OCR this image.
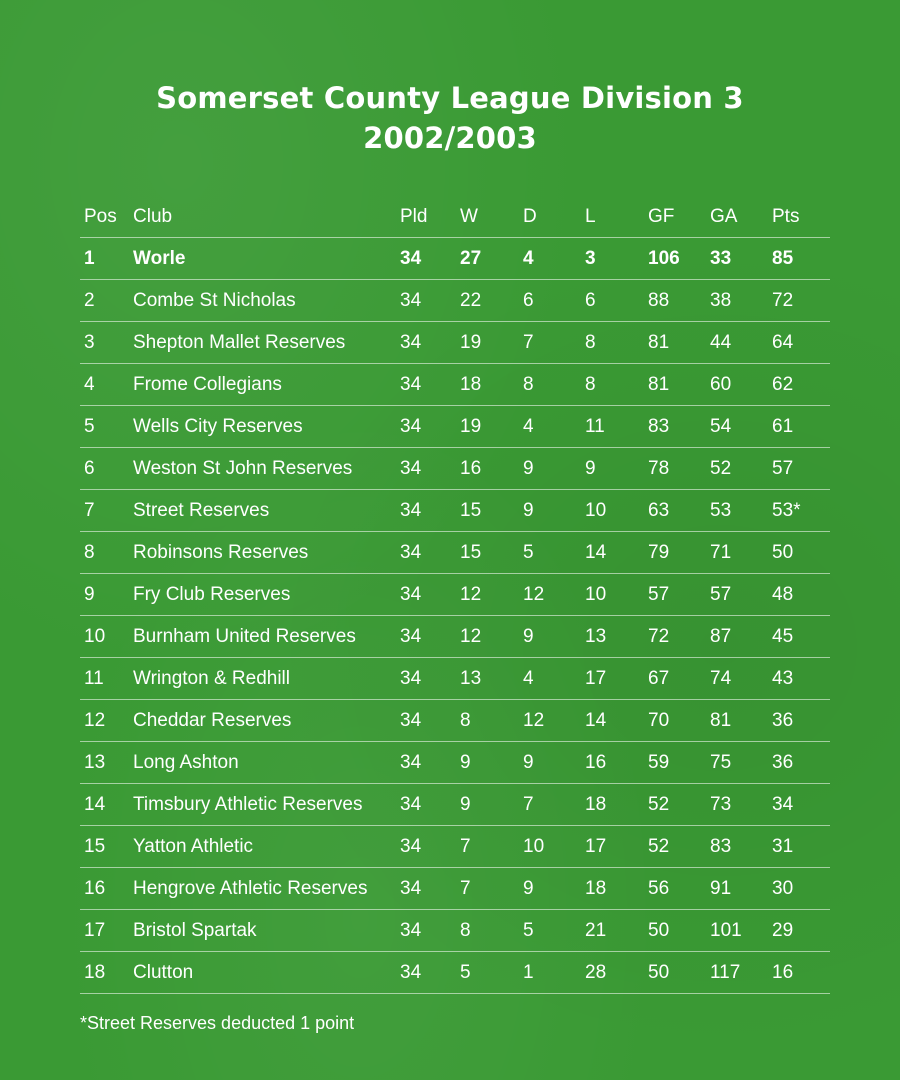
Somerset County League Division 3
2002/2003
Pos Club	Pld W D	L	GF GA Pts
1 Worle	34 27 4	3	106 33 85
2 Combe St Nicholas	34 22 6	6	88 38 72
3 Shepton Mallet Reserves	34 19 7	8	81 44 64
4 Frome Collegians	34 18 8	8	81 60 62
5 Wells City Reserves	34 19 4	11 83 54 61
6 Weston St John Reserves	34 16 9	9	78 52 57
7 Street Reserves	34 15 9	10 63 53 53*
8 Robinsons Reserves	34 15 5	14 79 71 50
9 Fry Club Reserves	34 12 12 10 57 57 48
10 Burnham United Reserves 34 12 9	13 72 87 45
11 Wrington & Redhill	34 13 4	17 67 74 43
12 Cheddar Reserves	34 8	12 14 70 81 36
13 Long Ashton	34 9	9	16 59 75 36
14 Timsbury Athletic Reserves 34 9	7	18 52 73 34
15 Yatton Athletic	34 7	10 17 52 83 31
16 Hengrove Athletic Reserves 34 7	9	18 56 91 30
17 Bristol Spartak	34 8	5	21 50 101 29
18 Clutton	34 5	1	28 50 117 16
*Street Reserves deducted 1 point
